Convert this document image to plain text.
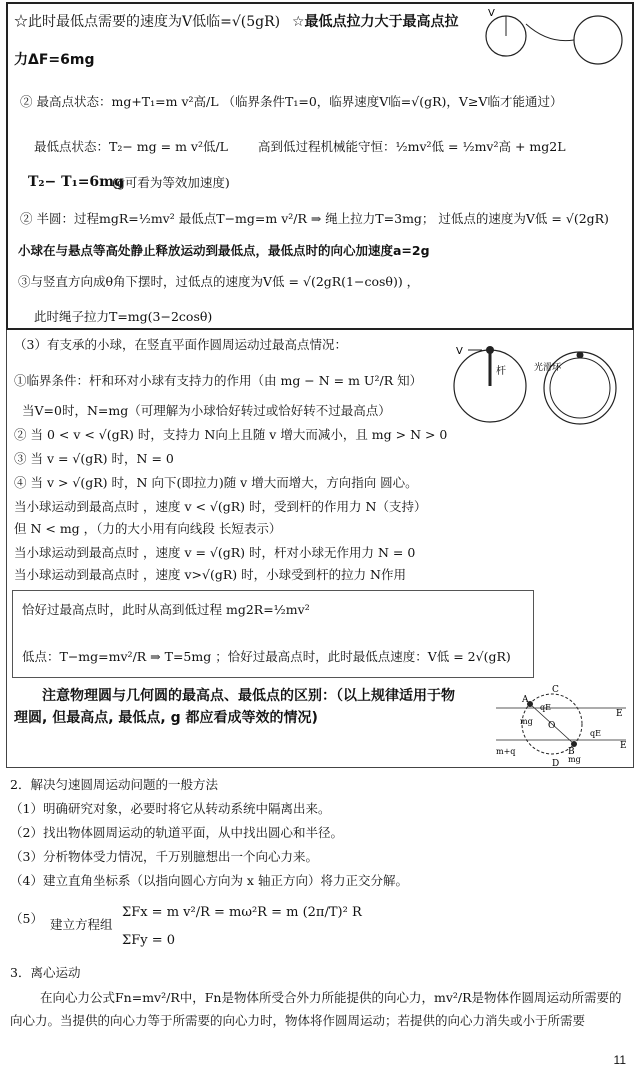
☆此时最低点需要的速度为V低临=√(5gR) ☆最低点拉力大于最高点拉
力ΔF=6mg
② 最高点状态：mg+T₁=m v²高/L （临界条件T₁=0，临界速度V临=√(gR)，V≥V临才能通过）
最低点状态：T₂− mg = m v²低/L 高到低过程机械能守恒：½mv²低 = ½mv²高 + mg2L
T₂− T₁=6mg
(g可看为等效加速度)
② 半圆：过程mgR=½mv² 最低点T−mg=m v²/R ⇒ 绳上拉力T=3mg； 过低点的速度为V低 = √(2gR)
小球在与悬点等高处静止释放运动到最低点，最低点时的向心加速度a=2g
③与竖直方向成θ角下摆时，过低点的速度为V低 = √(2gR(1−cosθ)) ，
此时绳子拉力T=mg(3−2cosθ)
V
（3）有支承的小球，在竖直平面作圆周运动过最高点情况：
①临界条件：杆和环对小球有支持力的作用（由 mg − N = m U²/R 知）
当V=0时，N=mg（可理解为小球恰好转过或恰好转不过最高点）
② 当 0 < v < √(gR) 时，支持力 N向上且随 v 增大而减小，且 mg > N > 0
③ 当 v = √(gR) 时，N = 0
④ 当 v > √(gR) 时，N 向下(即拉力)随 v 增大而增大，方向指向 圆心。
当小球运动到最高点时 ，速度 v < √(gR) 时，受到杆的作用力 N（支持）
但 N < mg ，（力的大小用有向线段 长短表示）
当小球运动到最高点时 ，速度 v = √(gR) 时，杆对小球无作用力 N = 0
当小球运动到最高点时 ，速度 v>√(gR) 时，小球受到杆的拉力 N作用
恰好过最高点时，此时从高到低过程 mg2R=½mv²
低点：T−mg=mv²/R ⇒ T=5mg ；恰好过最高点时，此时最低点速度：V低 = 2√(gR)
注意物理圆与几何圆的最高点、最低点的区别：（以上规律适用于物
理圆, 但最高点, 最低点, g 都应看成等效的情况)
V
杆	光滑环
A
B
C
D
E
E
O
qE
qE
mg
mg
m+q
2．解决匀速圆周运动问题的一般方法
（1）明确研究对象，必要时将它从转动系统中隔离出来。
（2）找出物体圆周运动的轨道平面，从中找出圆心和半径。
（3）分析物体受力情况，千万别臆想出一个向心力来。
（4）建立直角坐标系（以指向圆心方向为 x 轴正方向）将力正交分解。
（5） 建立方程组
ΣFx = m v²/R = mω²R = m (2π/T)² R
ΣFy = 0
3．离心运动
在向心力公式Fn=mv²/R中，Fn是物体所受合外力所能提供的向心力，mv²/R是物体作圆周运动所需要的
向心力。当提供的向心力等于所需要的向心力时，物体将作圆周运动；若提供的向心力消失或小于所需要
11
